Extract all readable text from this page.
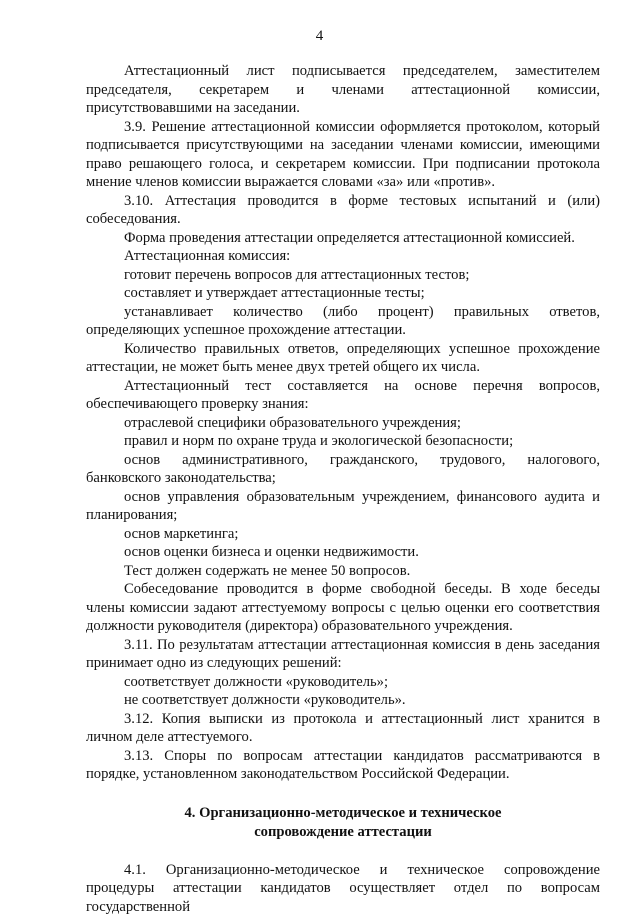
4

Аттестационный лист подписывается председателем, заместителем председателя, секретарем и членами аттестационной комиссии, присутствовавшими на заседании.

3.9. Решение аттестационной комиссии оформляется протоколом, который подписывается присутствующими на заседании членами комиссии, имеющими право решающего голоса, и секретарем комиссии. При подписании протокола мнение членов комиссии выражается словами «за» или «против».

3.10. Аттестация проводится в форме тестовых испытаний и (или) собеседования.

Форма проведения аттестации определяется аттестационной комиссией.

Аттестационная комиссия:

готовит перечень вопросов для аттестационных тестов;

составляет и утверждает аттестационные тесты;

устанавливает количество (либо процент) правильных ответов, определяющих успешное прохождение аттестации.

Количество правильных ответов, определяющих успешное прохождение аттестации, не может быть менее двух третей общего их числа.

Аттестационный тест составляется на основе перечня вопросов, обеспечивающего проверку знания:

отраслевой специфики образовательного учреждения;

правил и норм по охране труда и экологической безопасности;

основ административного, гражданского, трудового, налогового, банковского законодательства;

основ управления образовательным учреждением, финансового аудита и планирования;

основ маркетинга;

основ оценки бизнеса и оценки недвижимости.

Тест должен содержать не менее 50 вопросов.

Собеседование проводится в форме свободной беседы. В ходе беседы члены комиссии задают аттестуемому вопросы с целью оценки его соответствия должности руководителя (директора) образовательного учреждения.

3.11. По результатам аттестации аттестационная комиссия в день заседания принимает одно из следующих решений:

соответствует должности «руководитель»;

не соответствует должности «руководитель».

3.12. Копия выписки из протокола и аттестационный лист хранится в личном деле аттестуемого.

3.13. Споры по вопросам аттестации кандидатов рассматриваются в порядке, установленном законодательством Российской Федерации.

4. Организационно-методическое и техническое
сопровождение аттестации

4.1. Организационно-методическое и техническое сопровождение процедуры аттестации кандидатов осуществляет отдел по вопросам государственной
